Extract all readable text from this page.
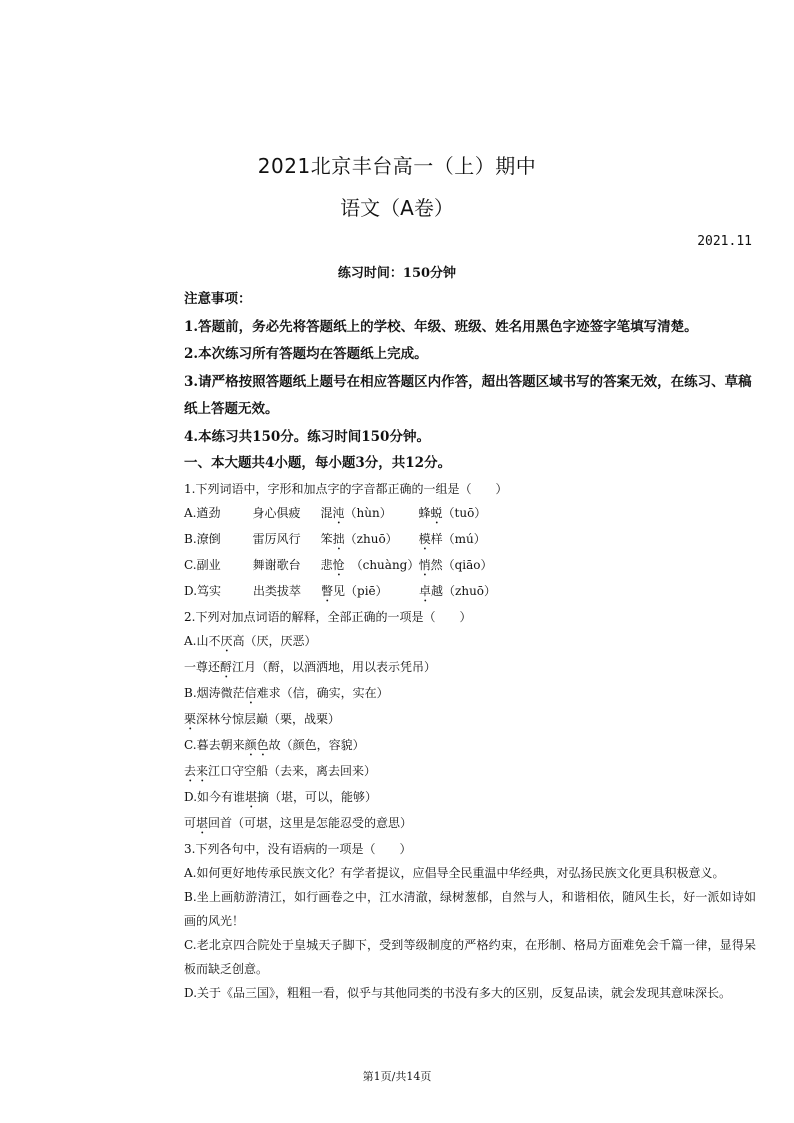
2021北京丰台高一（上）期中
语文（A卷）
2021.11
练习时间：150分钟

注意事项：

1.答题前，务必先将答题纸上的学校、年级、班级、姓名用黑色字迹签字笔填写清楚。

2.本次练习所有答题均在答题纸上完成。

3.请严格按照答题纸上题号在相应答题区内作答，超出答题区域书写的答案无效，在练习、草稿纸上答题无效。

4.本练习共150分。练习时间150分钟。

一、本大题共4小题，每小题3分，共12分。

1.下列词语中，字形和加点字的字音都正确的一组是（　　）

A.遒劲	身心俱疲 混沌（hùn） 蜂蜕（tuō）

B.潦倒	雷厉风行 笨拙（zhuō） 模样（mú）

C.副业	舞谢歌台 悲怆　（chuàng）悄然（qiāo）

D.笃实	出类拔萃 瞥见（piē）	卓越（zhuō）

2.下列对加点词语的解释，全部正确的一项是（　　）

A.山不厌高（厌，厌恶）

一尊还酹江月（酹，以酒洒地，用以表示凭吊）

B.烟涛微茫信难求（信，确实，实在）

栗深林兮惊层巅（栗，战栗）

C.暮去朝来颜色故（颜色，容貌）

去来江口守空船（去来，离去回来）

D.如今有谁堪摘（堪，可以，能够）

可堪回首（可堪，这里是怎能忍受的意思）

3.下列各句中，没有语病的一项是（　　）

A.如何更好地传承民族文化？有学者提议，应倡导全民重温中华经典，对弘扬民族文化更具积极意义。

B.坐上画舫游清江，如行画卷之中，江水清澈，绿树葱郁，自然与人，和谐相依，随风生长，好一派如诗如画的风光！

C.老北京四合院处于皇城天子脚下，受到等级制度的严格约束，在形制、格局方面难免会千篇一律，显得呆板而缺乏创意。

D.关于《品三国》，粗粗一看，似乎与其他同类的书没有多大的区别，反复品读，就会发现其意味深长。

第1页/共14页
